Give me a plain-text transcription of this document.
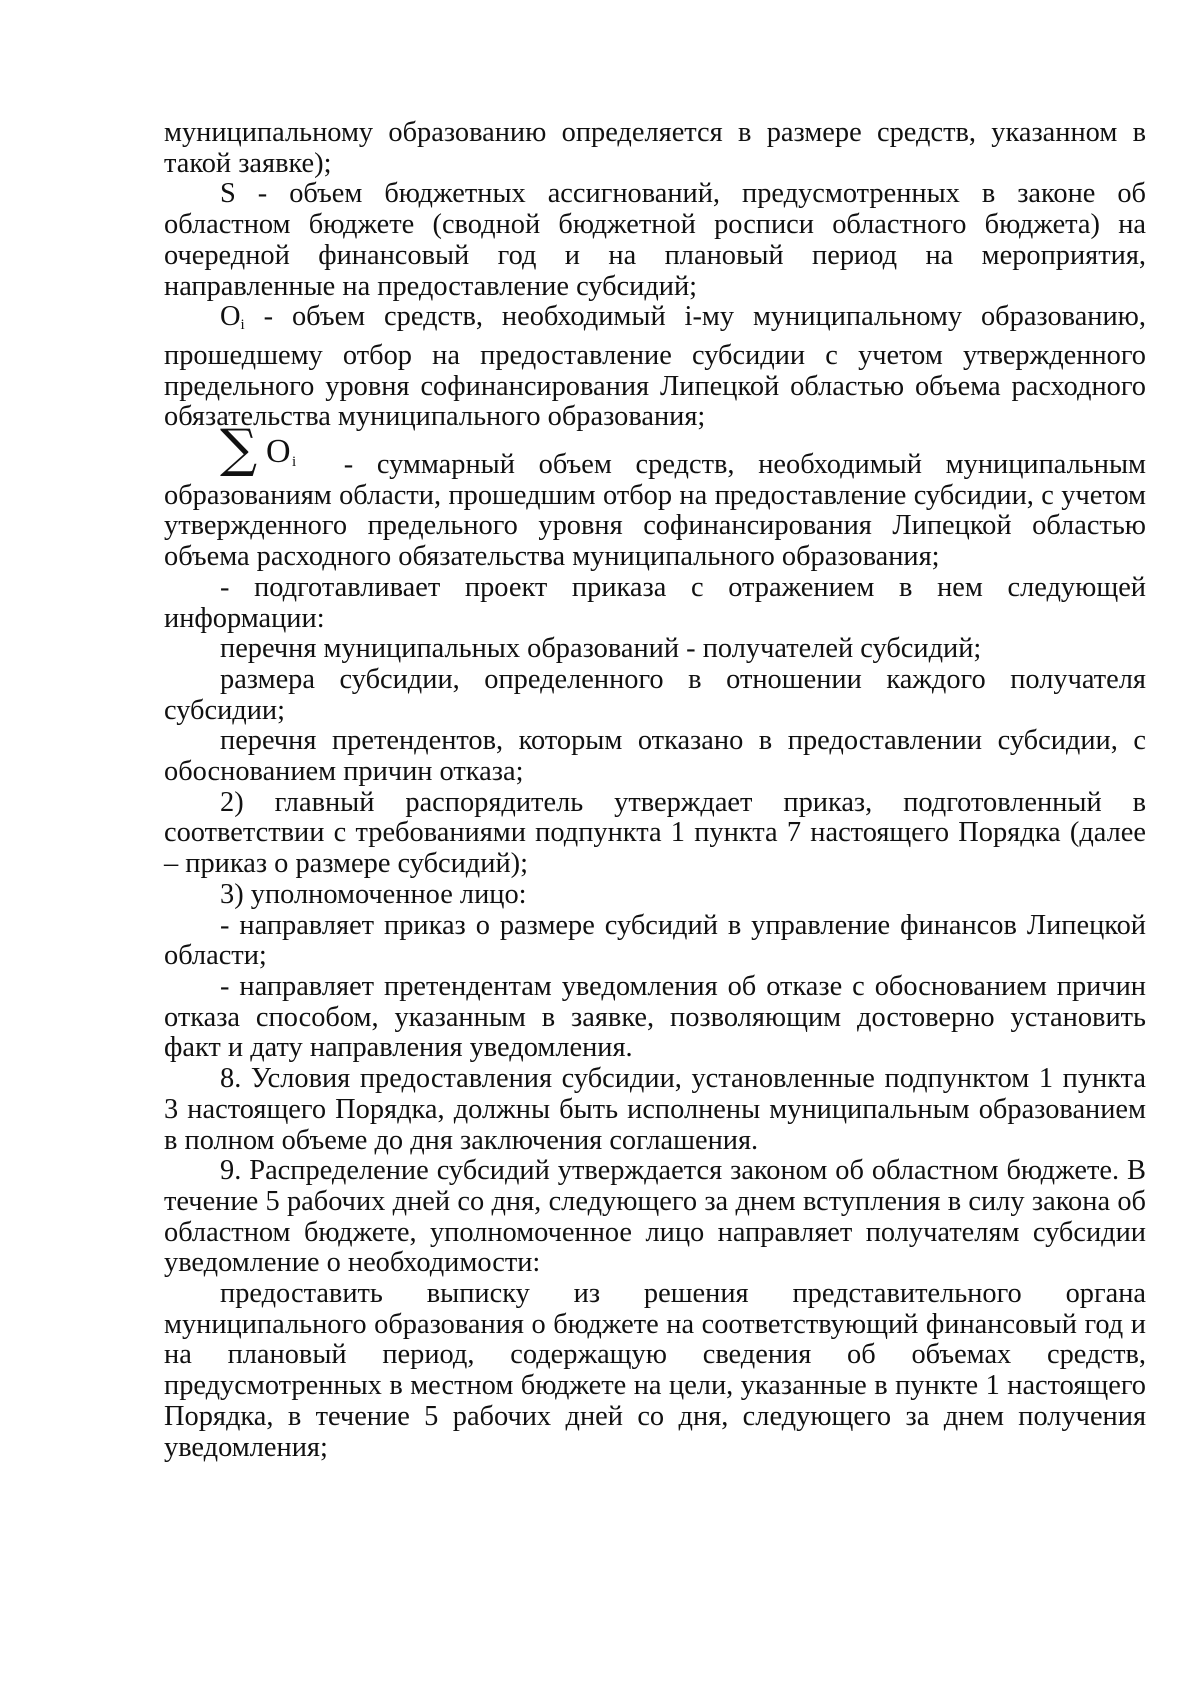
муниципальному образованию определяется в размере средств, указанном в такой заявке);

S - объем бюджетных ассигнований, предусмотренных в законе об областном бюджете (сводной бюджетной росписи областного бюджета) на очередной финансовый год и на плановый период на мероприятия, направленные на предоставление субсидий;

$O_i$ - объем средств, необходимый i-му муниципальному образованию, прошедшему отбор на предоставление субсидии с учетом утвержденного предельного уровня софинансирования Липецкой областью объема расходного обязательства муниципального образования;

∑ O i - суммарный объем средств, необходимый муниципальным образованиям области, прошедшим отбор на предоставление субсидии, с учетом утвержденного предельного уровня софинансирования Липецкой областью объема расходного обязательства муниципального образования;

- подготавливает проект приказа с отражением в нем следующей информации:

перечня муниципальных образований - получателей субсидий;

размера субсидии, определенного в отношении каждого получателя субсидии;

перечня претендентов, которым отказано в предоставлении субсидии, с обоснованием причин отказа;

2) главный распорядитель утверждает приказ, подготовленный в соответствии с требованиями подпункта 1 пункта 7 настоящего Порядка (далее – приказ о размере субсидий);

3) уполномоченное лицо:

- направляет приказ о размере субсидий в управление финансов Липецкой области;

- направляет претендентам уведомления об отказе с обоснованием причин отказа способом, указанным в заявке, позволяющим достоверно установить факт и дату направления уведомления.

8. Условия предоставления субсидии, установленные подпунктом 1 пункта 3 настоящего Порядка, должны быть исполнены муниципальным образованием в полном объеме до дня заключения соглашения.

9. Распределение субсидий утверждается законом об областном бюджете. В течение 5 рабочих дней со дня, следующего за днем вступления в силу закона об областном бюджете, уполномоченное лицо направляет получателям субсидии уведомление о необходимости:

предоставить выписку из решения представительного органа муниципального образования о бюджете на соответствующий финансовый год и на плановый период, содержащую сведения об объемах средств, предусмотренных в местном бюджете на цели, указанные в пункте 1 настоящего Порядка, в течение 5 рабочих дней со дня, следующего за днем получения уведомления;
